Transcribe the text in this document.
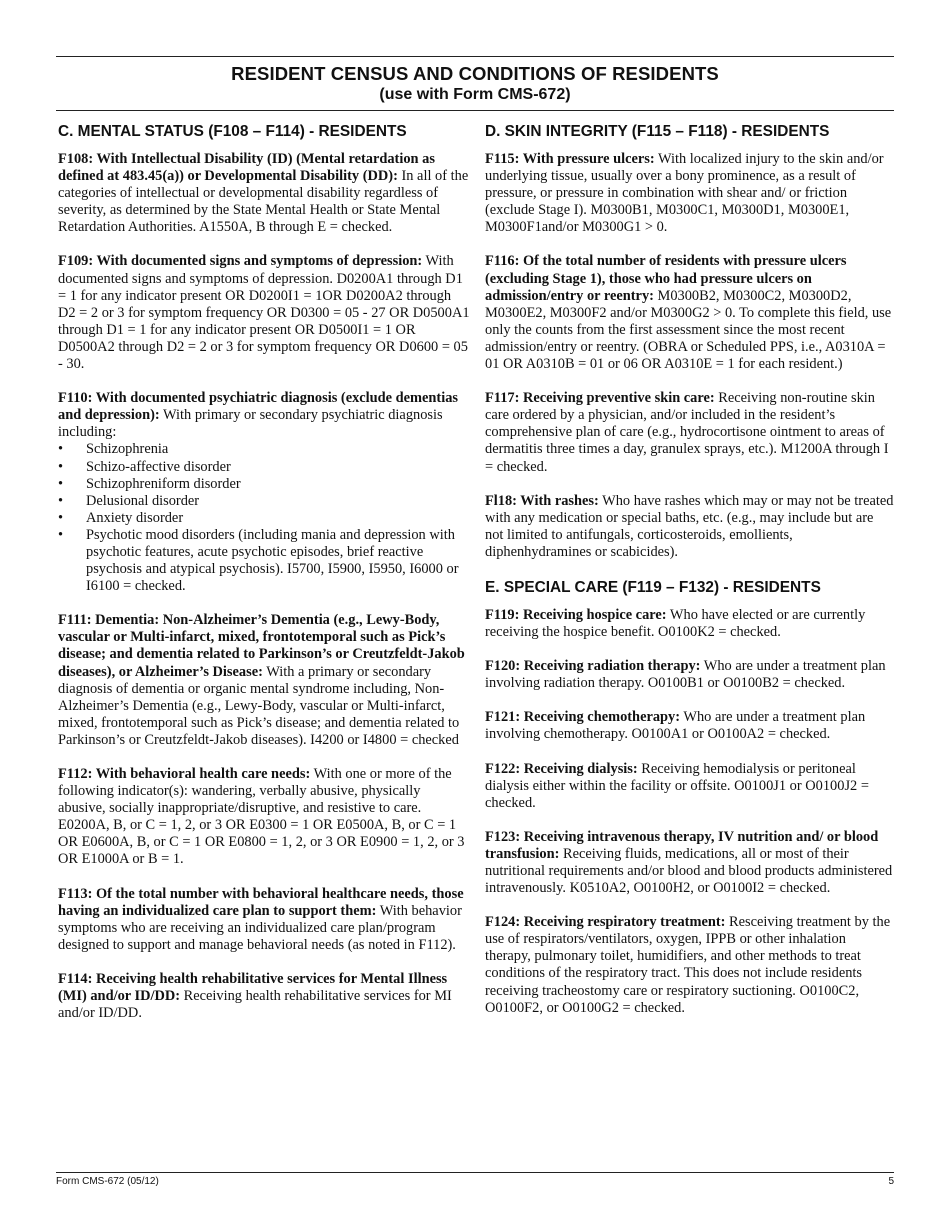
RESIDENT CENSUS AND CONDITIONS OF RESIDENTS
(use with Form CMS-672)
C. MENTAL STATUS (F108 – F114) - RESIDENTS

F108: With Intellectual Disability (ID) (Mental retardation as defined at 483.45(a)) or Developmental Disability (DD): In all of the categories of intellectual or developmental disability regardless of severity, as determined by the State Mental Health or State Mental Retardation Authorities. A1550A, B through E = checked.

F109: With documented signs and symptoms of depression: With documented signs and symptoms of depression. D0200A1 through D1 = 1 for any indicator present OR D0200I1 = 1OR D0200A2 through D2 = 2 or 3 for symptom frequency OR D0300 = 05 - 27 OR D0500A1 through D1 = 1 for any indicator present OR D0500I1 = 1 OR D0500A2 through D2 = 2 or 3 for symptom frequency OR D0600 = 05 - 30.

F110: With documented psychiatric diagnosis (exclude dementias and depression): With primary or secondary psychiatric diagnosis including:
• Schizophrenia
• Schizo-affective disorder
• Schizophreniform disorder
• Delusional disorder
• Anxiety disorder
• Psychotic mood disorders (including mania and depression with psychotic features, acute psychotic episodes, brief reactive psychosis and atypical psychosis). I5700, I5900, I5950, I6000 or I6100 = checked.

F111: Dementia: Non-Alzheimer’s Dementia (e.g., Lewy-Body, vascular or Multi-infarct, mixed, frontotemporal such as Pick’s disease; and dementia related to Parkinson’s or Creutzfeldt-Jakob diseases), or Alzheimer’s Disease: With a primary or secondary diagnosis of dementia or organic mental syndrome including, Non-Alzheimer’s Dementia (e.g., Lewy-Body, vascular or Multi-infarct, mixed, frontotemporal such as Pick’s disease; and dementia related to Parkinson’s or Creutzfeldt-Jakob diseases). I4200 or I4800 = checked

F112: With behavioral health care needs: With one or more of the following indicator(s): wandering, verbally abusive, physically abusive, socially inappropriate/disruptive, and resistive to care. E0200A, B, or C = 1, 2, or 3 OR E0300 = 1 OR E0500A, B, or C = 1 OR E0600A, B, or C = 1 OR E0800 = 1, 2, or 3 OR E0900 = 1, 2, or 3 OR E1000A or B = 1.

F113: Of the total number with behavioral healthcare needs, those having an individualized care plan to support them: With behavior symptoms who are receiving an individualized care plan/program designed to support and manage behavioral needs (as noted in F112).

F114: Receiving health rehabilitative services for Mental Illness (MI) and/or ID/DD: Receiving health rehabilitative services for MI and/or ID/DD.

D. SKIN INTEGRITY (F115 – F118) - RESIDENTS

F115: With pressure ulcers: With localized injury to the skin and/or underlying tissue, usually over a bony prominence, as a result of pressure, or pressure in combination with shear and/ or friction (exclude Stage I). M0300B1, M0300C1, M0300D1, M0300E1, M0300F1and/or M0300G1 > 0.

F116: Of the total number of residents with pressure ulcers (excluding Stage 1), those who had pressure ulcers on admission/entry or reentry: M0300B2, M0300C2, M0300D2, M0300E2, M0300F2 and/or M0300G2 > 0. To complete this field, use only the counts from the first assessment since the most recent admission/entry or reentry. (OBRA or Scheduled PPS, i.e., A0310A = 01 OR A0310B = 01 or 06 OR A0310E = 1 for each resident.)

F117: Receiving preventive skin care: Receiving non-routine skin care ordered by a physician, and/or included in the resident’s comprehensive plan of care (e.g., hydrocortisone ointment to areas of dermatitis three times a day, granulex sprays, etc.). M1200A through I = checked.

Fl18: With rashes: Who have rashes which may or may not be treated with any medication or special baths, etc. (e.g., may include but are not limited to antifungals, corticosteroids, emollients, diphenhydramines or scabicides).

E. SPECIAL CARE (F119 – F132) - RESIDENTS

F119: Receiving hospice care: Who have elected or are currently receiving the hospice benefit. O0100K2 = checked.

F120: Receiving radiation therapy: Who are under a treatment plan involving radiation therapy. O0100B1 or O0100B2 = checked.

F121: Receiving chemotherapy: Who are under a treatment plan involving chemotherapy. O0100A1 or O0100A2 = checked.

F122: Receiving dialysis: Receiving hemodialysis or peritoneal dialysis either within the facility or offsite. O0100J1 or O0100J2 = checked.

F123: Receiving intravenous therapy, IV nutrition and/ or blood transfusion: Receiving fluids, medications, all or most of their nutritional requirements and/or blood and blood products administered intravenously. K0510A2, O0100H2, or O0100I2 = checked.

F124: Receiving respiratory treatment: Resceiving treatment by the use of respirators/ventilators, oxygen, IPPB or other inhalation therapy, pulmonary toilet, humidifiers, and other methods to treat conditions of the respiratory tract. This does not include residents receiving tracheostomy care or respiratory suctioning. O0100C2, O0100F2, or O0100G2 = checked.

Form CMS-672 (05/12)	5
